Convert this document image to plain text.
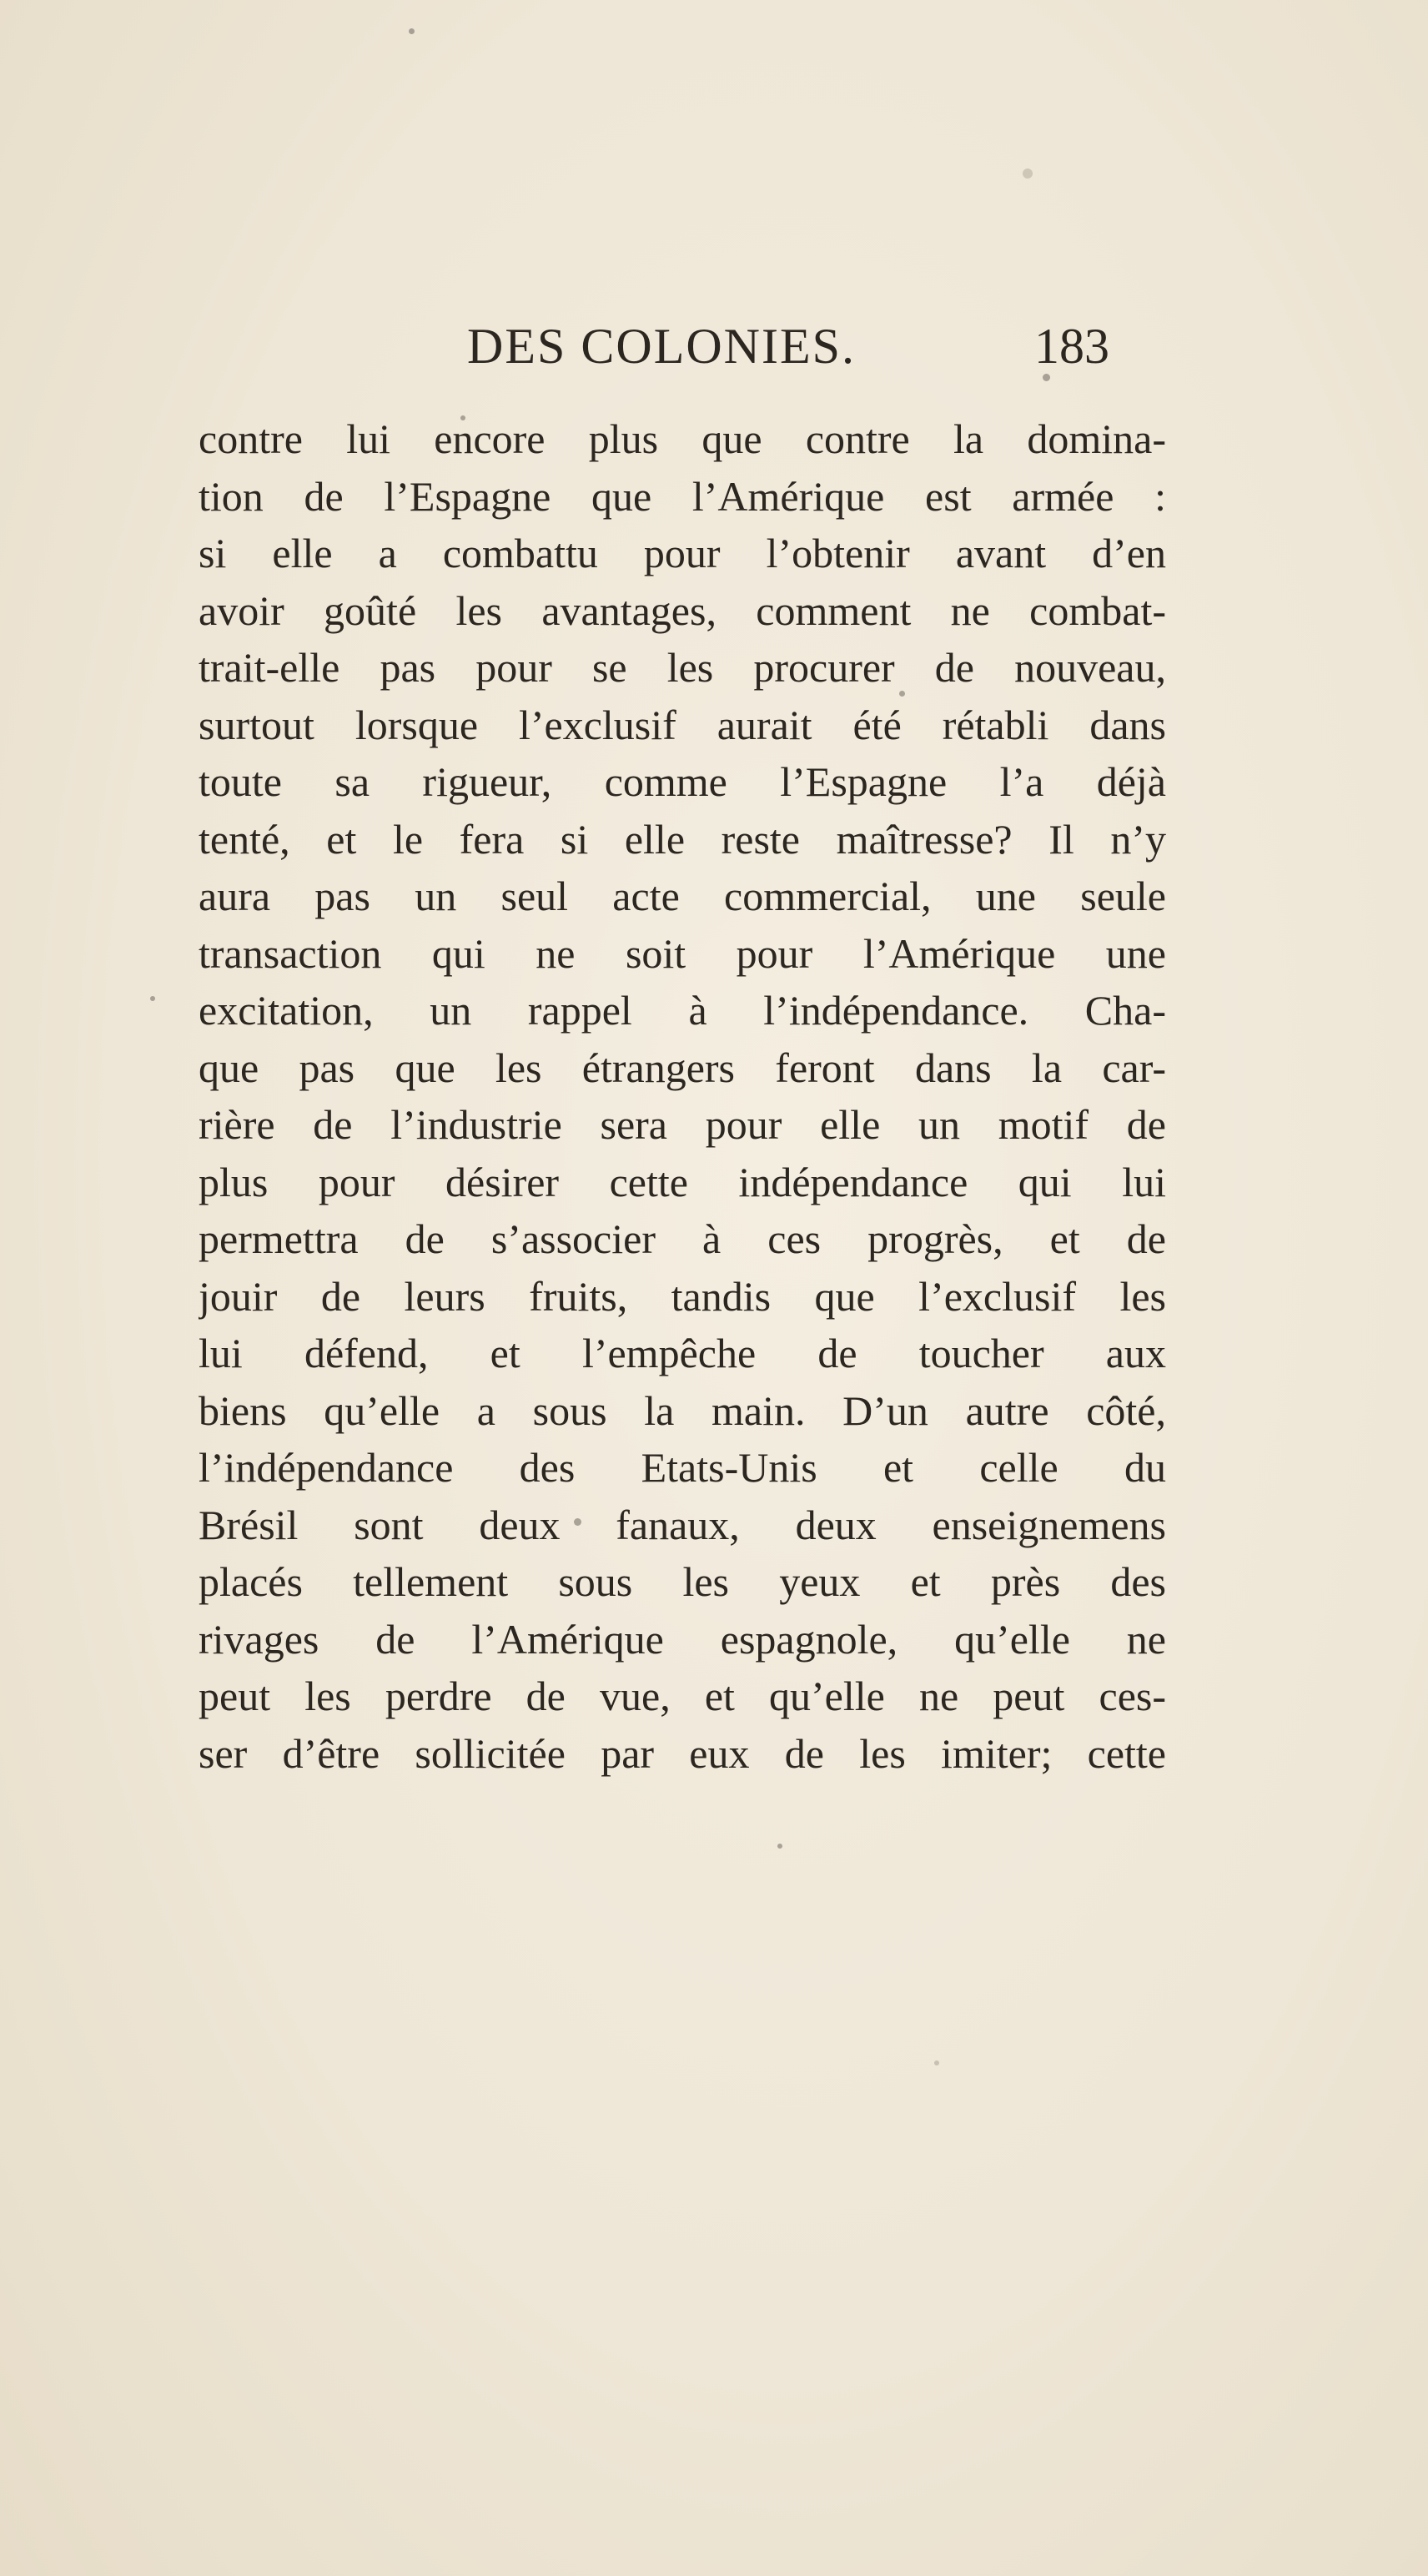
DES COLONIES.	183
contre lui encore plus que contre la domina-
tion de l’Espagne que l’Amérique est armée :
si elle a combattu pour l’obtenir avant d’en
avoir goûté les avantages, comment ne combat-
trait-elle pas pour se les procurer de nouveau,
surtout lorsque l’exclusif aurait été rétabli dans
toute sa rigueur, comme l’Espagne l’a déjà
tenté, et le fera si elle reste maîtresse? Il n’y
aura pas un seul acte commercial, une seule
transaction qui ne soit pour l’Amérique une
excitation, un rappel à l’indépendance. Cha-
que pas que les étrangers feront dans la car-
rière de l’industrie sera pour elle un motif de
plus pour désirer cette indépendance qui lui
permettra de s’associer à ces progrès, et de
jouir de leurs fruits, tandis que l’exclusif les
lui défend, et l’empêche de toucher aux
biens qu’elle a sous la main. D’un autre côté,
l’indépendance des Etats-Unis et celle du
Brésil sont deux fanaux, deux enseignemens
placés tellement sous les yeux et près des
rivages de l’Amérique espagnole, qu’elle ne
peut les perdre de vue, et qu’elle ne peut ces-
ser d’être sollicitée par eux de les imiter; cette
